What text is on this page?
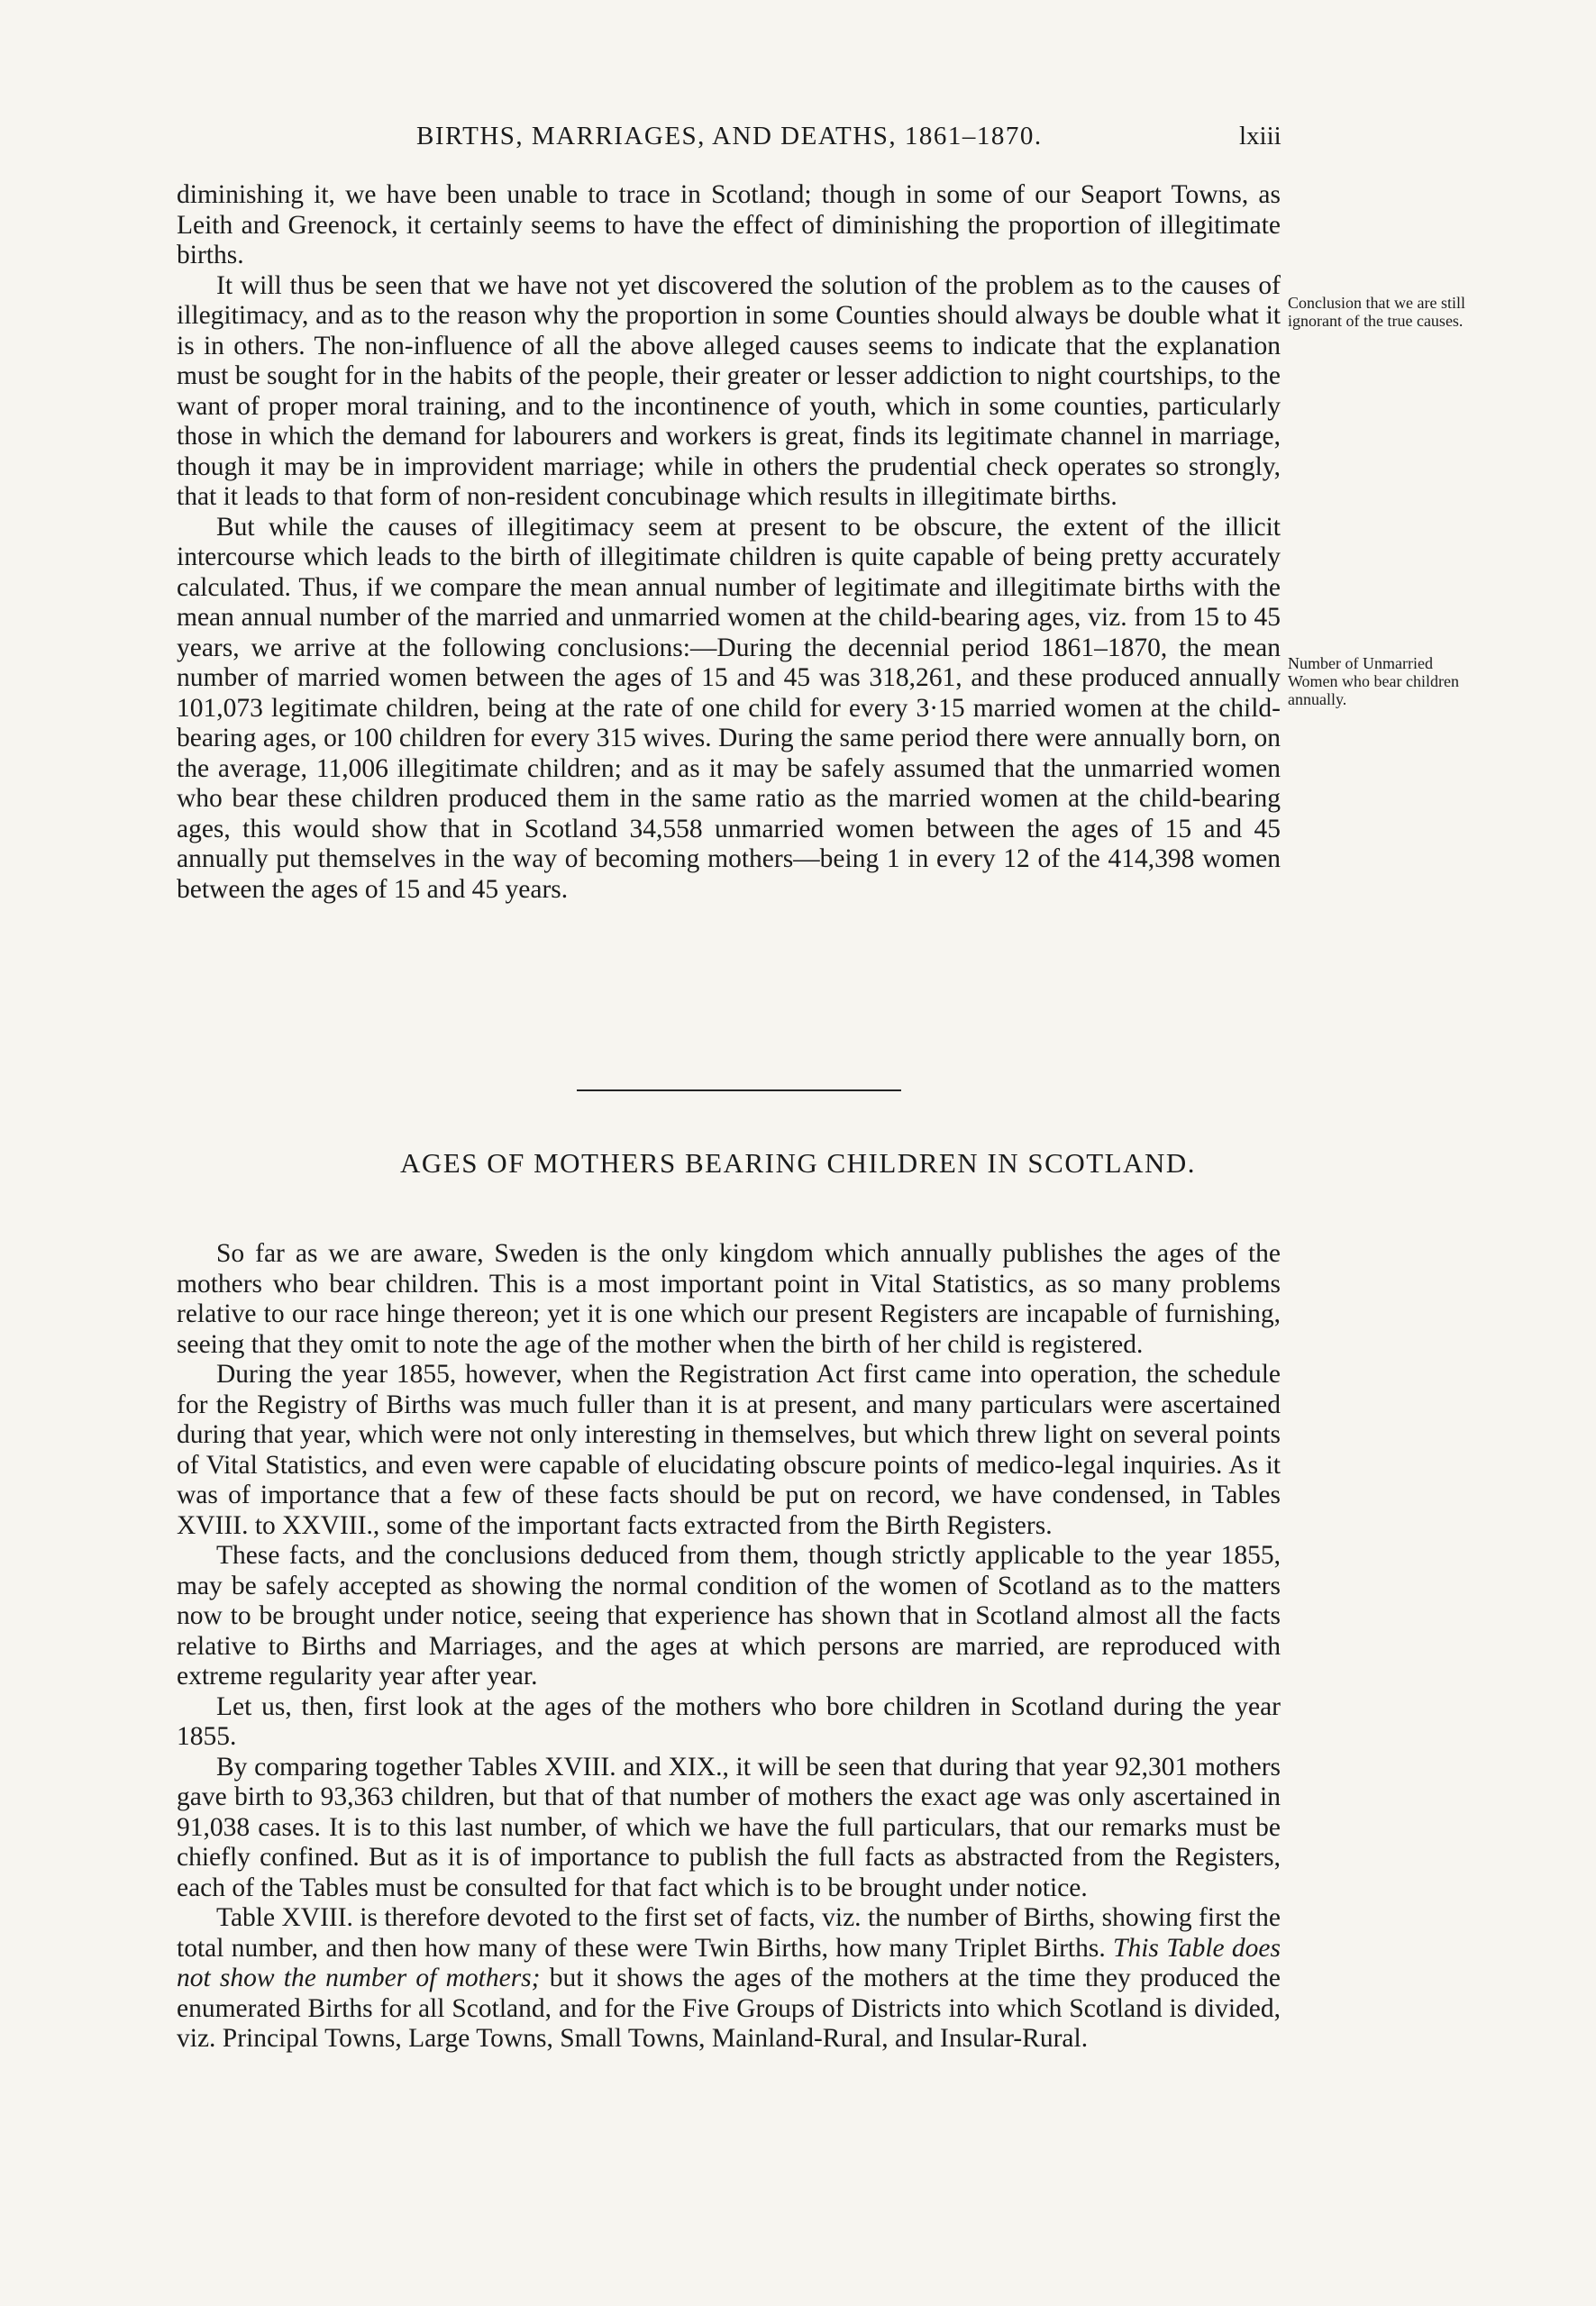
BIRTHS, MARRIAGES, AND DEATHS, 1861–1870.	lxiii

diminishing it, we have been unable to trace in Scotland; though in some of our Seaport Towns, as Leith and Greenock, it certainly seems to have the effect of diminishing the proportion of illegitimate births.

It will thus be seen that we have not yet discovered the solution of the problem as to the causes of illegitimacy, and as to the reason why the proportion in some Counties should always be double what it is in others. The non-influence of all the above alleged causes seems to indicate that the explanation must be sought for in the habits of the people, their greater or lesser addiction to night courtships, to the want of proper moral training, and to the incontinence of youth, which in some counties, particularly those in which the demand for labourers and workers is great, finds its legitimate channel in marriage, though it may be in improvident marriage; while in others the prudential check operates so strongly, that it leads to that form of non-resident concubinage which results in illegitimate births.

But while the causes of illegitimacy seem at present to be obscure, the extent of the illicit intercourse which leads to the birth of illegitimate children is quite capable of being pretty accurately calculated. Thus, if we compare the mean annual number of legitimate and illegitimate births with the mean annual number of the married and unmarried women at the child-bearing ages, viz. from 15 to 45 years, we arrive at the following conclusions:—During the decennial period 1861–1870, the mean number of married women between the ages of 15 and 45 was 318,261, and these produced annually 101,073 legitimate children, being at the rate of one child for every 3·15 married women at the child-bearing ages, or 100 children for every 315 wives. During the same period there were annually born, on the average, 11,006 illegitimate children; and as it may be safely assumed that the unmarried women who bear these children produced them in the same ratio as the married women at the child-bearing ages, this would show that in Scotland 34,558 unmarried women between the ages of 15 and 45 annually put themselves in the way of becoming mothers—being 1 in every 12 of the 414,398 women between the ages of 15 and 45 years.

Conclusion that we are still ignorant of the true causes.
Number of Unmarried Women who bear children annually.
AGES OF MOTHERS BEARING CHILDREN IN SCOTLAND.

So far as we are aware, Sweden is the only kingdom which annually publishes the ages of the mothers who bear children. This is a most important point in Vital Statistics, as so many problems relative to our race hinge thereon; yet it is one which our present Registers are incapable of furnishing, seeing that they omit to note the age of the mother when the birth of her child is registered.

During the year 1855, however, when the Registration Act first came into operation, the schedule for the Registry of Births was much fuller than it is at present, and many particulars were ascertained during that year, which were not only interesting in themselves, but which threw light on several points of Vital Statistics, and even were capable of elucidating obscure points of medico-legal inquiries. As it was of importance that a few of these facts should be put on record, we have condensed, in Tables XVIII. to XXVIII., some of the important facts extracted from the Birth Registers.

These facts, and the conclusions deduced from them, though strictly applicable to the year 1855, may be safely accepted as showing the normal condition of the women of Scotland as to the matters now to be brought under notice, seeing that experience has shown that in Scotland almost all the facts relative to Births and Marriages, and the ages at which persons are married, are reproduced with extreme regularity year after year.

Let us, then, first look at the ages of the mothers who bore children in Scotland during the year 1855.

By comparing together Tables XVIII. and XIX., it will be seen that during that year 92,301 mothers gave birth to 93,363 children, but that of that number of mothers the exact age was only ascertained in 91,038 cases. It is to this last number, of which we have the full particulars, that our remarks must be chiefly confined. But as it is of importance to publish the full facts as abstracted from the Registers, each of the Tables must be consulted for that fact which is to be brought under notice.

Table XVIII. is therefore devoted to the first set of facts, viz. the number of Births, showing first the total number, and then how many of these were Twin Births, how many Triplet Births. This Table does not show the number of mothers; but it shows the ages of the mothers at the time they produced the enumerated Births for all Scotland, and for the Five Groups of Districts into which Scotland is divided, viz. Principal Towns, Large Towns, Small Towns, Mainland-Rural, and Insular-Rural.
